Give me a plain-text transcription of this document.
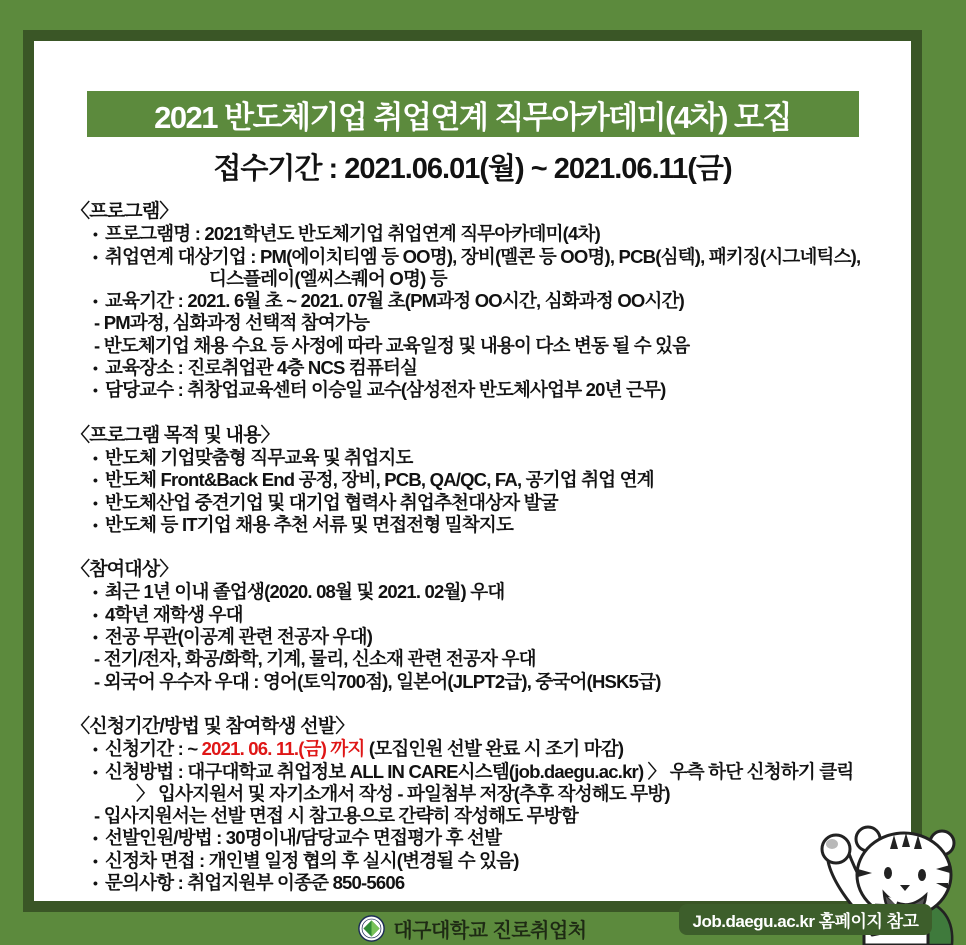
2021 반도체기업 취업연계 직무아카데미(4차) 모집
접수기간 : 2021.06.01(월) ~ 2021.06.11(금)
〈프로그램〉
• 프로그램명 : 2021학년도 반도체기업 취업연계 직무아카데미(4차)
• 취업연계 대상기업 : PM(에이치티엠 등 OO명), 장비(멜콘 등 OO명), PCB(심텍), 패키징(시그네틱스),
디스플레이(엘씨스퀘어 O명) 등
• 교육기간 : 2021. 6월 초 ~ 2021. 07월 초(PM과정 OO시간, 심화과정 OO시간)
- PM과정, 심화과정 선택적 참여가능
- 반도체기업 채용 수요 등 사정에 따라 교육일정 및 내용이 다소 변동 될 수 있음
• 교육장소 : 진로취업관 4층 NCS 컴퓨터실
• 담당교수 : 취창업교육센터 이승일 교수(삼성전자 반도체사업부 20년 근무)
〈프로그램 목적 및 내용〉
• 반도체 기업맞춤형 직무교육 및 취업지도
• 반도체 Front&Back End 공정, 장비, PCB, QA/QC, FA, 공기업 취업 연계
• 반도체산업 중견기업 및 대기업 협력사 취업추천대상자 발굴
• 반도체 등 IT기업 채용 추천 서류 및 면접전형 밀착지도
〈참여대상〉
• 최근 1년 이내 졸업생(2020. 08월 및 2021. 02월) 우대
• 4학년 재학생 우대
• 전공 무관(이공계 관련 전공자 우대)
- 전기/전자, 화공/화학, 기계, 물리, 신소재 관련 전공자 우대
- 외국어 우수자 우대 : 영어(토익700점), 일본어(JLPT2급), 중국어(HSK5급)
〈신청기간/방법 및 참여학생 선발〉
• 신청기간 : ~ 2021. 06. 11.(금) 까지 (모집인원 선발 완료 시 조기 마감)
• 신청방법 : 대구대학교 취업정보 ALL IN CARE시스템(job.daegu.ac.kr) 〉 우측 하단 신청하기 클릭
〉 입사지원서 및 자기소개서 작성 - 파일첨부 저장(추후 작성해도 무방)
- 입사지원서는 선발 면접 시 참고용으로 간략히 작성해도 무방함
• 선발인원/방법 : 30명이내/담당교수 면접평가 후 선발
• 신정차 면접 : 개인별 일정 협의 후 실시(변경될 수 있음)
• 문의사항 : 취업지원부 이종준 850-5606
Job.daegu.ac.kr 홈페이지 참고
대구대학교 진로취업처
